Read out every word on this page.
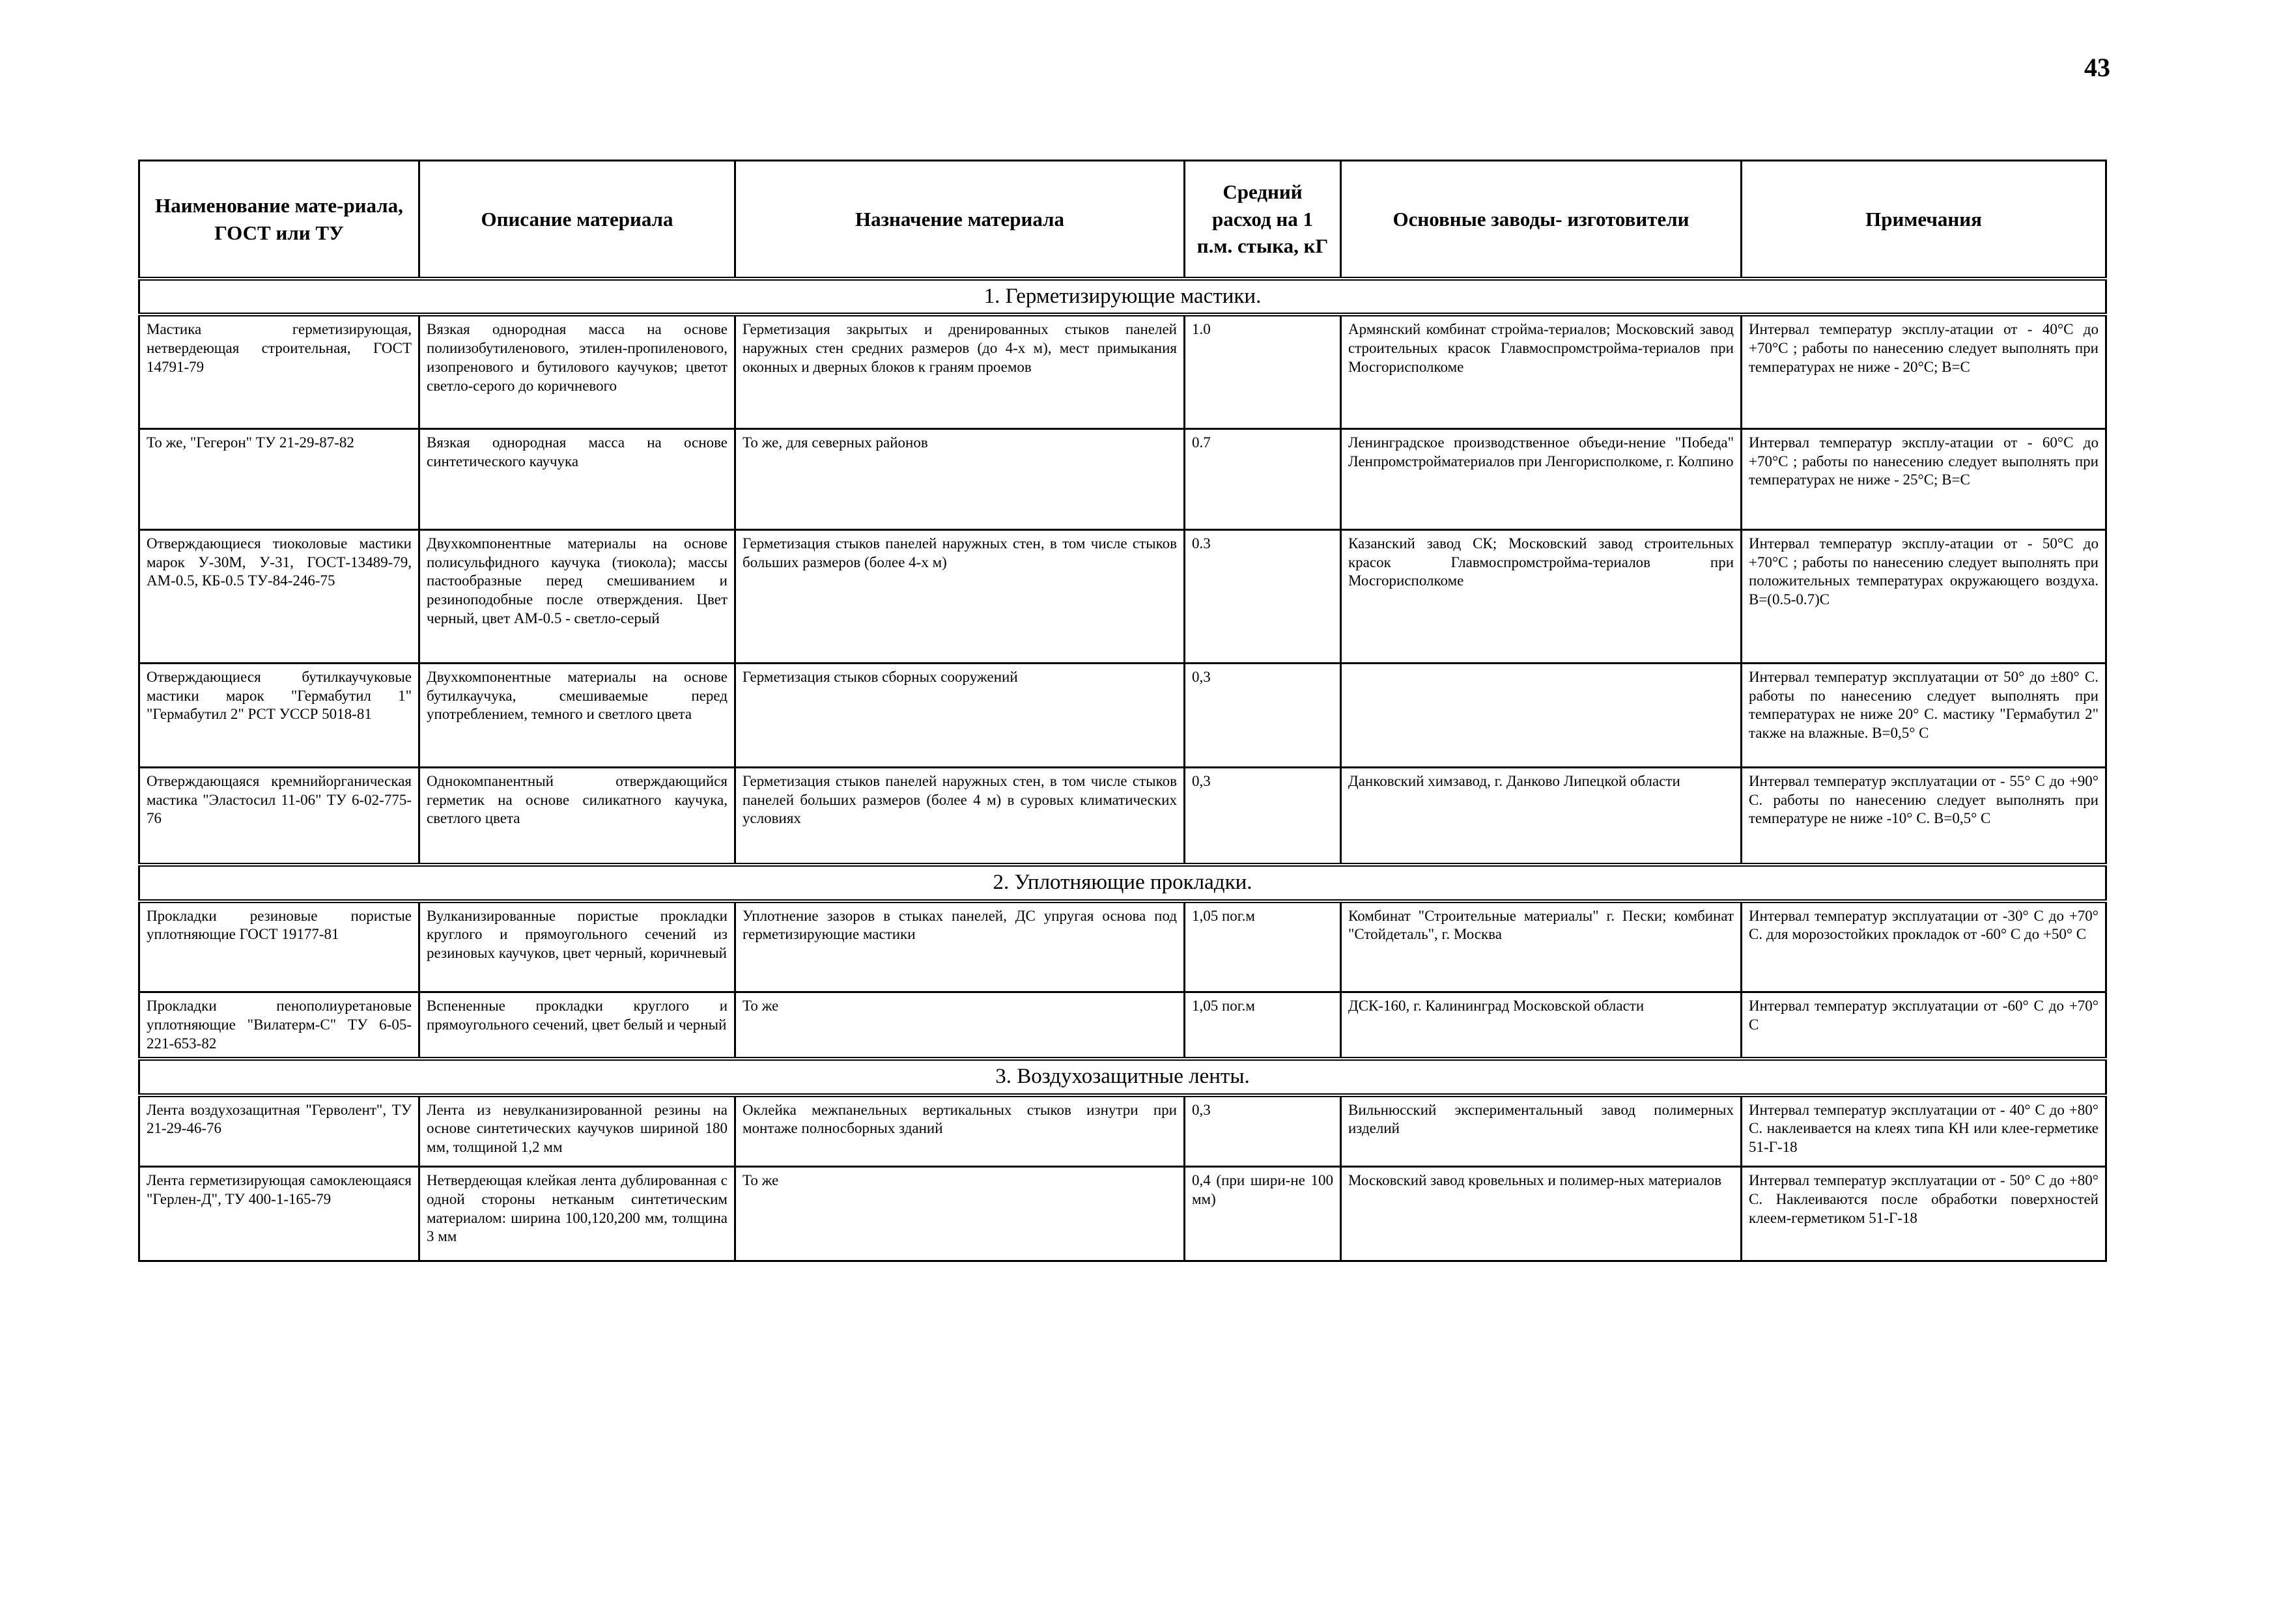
43
Наименование мате-риала, ГОСТ или ТУ	Описание материала	Назначение материала	Средний расход на 1 п.м. стыка, кГ	Основные заводы- изготовители	Примечания
1. Герметизирующие мастики.					
Мастика герметизирующая, нетвердеющая строительная, ГОСТ 14791-79	Вязкая однородная масса на основе полиизобутиленового, этилен-пропиленового, изопренового и бутилового каучуков; цветот светло-серого до коричневого	Герметизация закрытых и дренированных стыков панелей наружных стен средних размеров (до 4-х м), мест примыкания оконных и дверных блоков к граням проемов	1.0	Армянский комбинат стройма-териалов; Московский завод строительных красок Главмоспромстройма-териалов при Мосгорисполкоме	Интервал температур эксплу-атации от - 40°С до +70°С ; работы по нанесению следует выполнять при температурах не ниже - 20°С; В=С
То же, "Гегерон" ТУ 21-29-87-82	Вязкая однородная масса на основе синтетического каучука	То же, для северных районов	0.7	Ленинградское производственное объеди-нение "Победа" Ленпромстройматериалов при Ленгорисполкоме, г. Колпино	Интервал температур эксплу-атации от - 60°С до +70°С ; работы по нанесению следует выполнять при температурах не ниже - 25°С; В=С
Отверждающиеся тиоколовые мастики марок У-30М, У-31, ГОСТ-13489-79, АМ-0.5, КБ-0.5 ТУ-84-246-75	Двухкомпонентные материалы на основе полисульфидного каучука (тиокола); массы пастообразные перед смешиванием и резиноподобные после отверждения. Цвет черный, цвет АМ-0.5 - светло-серый	Герметизация стыков панелей наружных стен, в том числе стыков больших размеров (более 4-х м)	0.3	Казанский завод СК; Московский завод строительных красок Главмоспромстройма-териалов при Мосгорисполкоме	Интервал температур эксплу-атации от - 50°С до +70°С ; работы по нанесению следует выполнять при положительных температурах окружающего воздуха. В=(0.5-0.7)С
Отверждающиеся бутилкаучуковые мастики марок "Гермабутил 1" "Гермабутил 2" РСТ УССР 5018-81	Двухкомпонентные материалы на основе бутилкаучука, смешиваемые перед употреблением, темного и светлого цвета	Герметизация стыков сборных сооружений	0,3		Интервал температур эксплуатации от 50° до ±80° С. работы по нанесению следует выполнять при температурах не ниже 20° С. мастику "Гермабутил 2" также на влажные. В=0,5° С
Отверждающаяся кремнийорганическая мастика "Эластосил 11-06" ТУ 6-02-775-76	Однокомпанентный отверждающийся герметик на основе силикатного каучука, светлого цвета	Герметизация стыков панелей наружных стен, в том числе стыков панелей больших размеров (более 4 м) в суровых климатических условиях	0,3	Данковский химзавод, г. Данково Липецкой области	Интервал температур эксплуатации от - 55° С до +90° С. работы по нанесению следует выполнять при температуре не ниже -10° С. В=0,5° С
2. Уплотняющие прокладки.					
Прокладки резиновые пористые уплотняющие ГОСТ 19177-81	Вулканизированные пористые прокладки круглого и прямоугольного сечений из резиновых каучуков, цвет черный, коричневый	Уплотнение зазоров в стыках панелей, ДС упругая основа под герметизирующие мастики	1,05 пог.м	Комбинат "Строительные материалы" г. Пески; комбинат "Стойдеталь", г. Москва	Интервал температур эксплуатации от -30° С до +70° С. для морозостойких прокладок от -60° С до +50° С
Прокладки пенополиуретановые уплотняющие "Вилатерм-С" ТУ 6-05-221-653-82	Вспененные прокладки круглого и прямоугольного сечений, цвет белый и черный	То же	1,05 пог.м	ДСК-160, г. Калининград Московской области	Интервал температур эксплуатации от -60° С до +70° С
3. Воздухозащитные ленты.					
Лента воздухозащитная "Герволент", ТУ 21-29-46-76	Лента из невулканизированной резины на основе синтетических каучуков шириной 180 мм, толщиной 1,2 мм	Оклейка межпанельных вертикальных стыков изнутри при монтаже полносборных зданий	0,3	Вильнюсский экспериментальный завод полимерных изделий	Интервал температур эксплуатации от - 40° С до +80° С. наклеивается на клеях типа КН или клее-герметике 51-Г-18
Лента герметизирующая самоклеющаяся "Герлен-Д", ТУ 400-1-165-79	Нетвердеющая клейкая лента дублированная с одной стороны нетканым синтетическим материалом: ширина 100,120,200 мм, толщина 3 мм	То же	0,4 (при шири-не 100 мм)	Московский завод кровельных и полимер-ных материалов	Интервал температур эксплуатации от - 50° С до +80° С. Наклеиваются после обработки поверхностей клеем-герметиком 51-Г-18
